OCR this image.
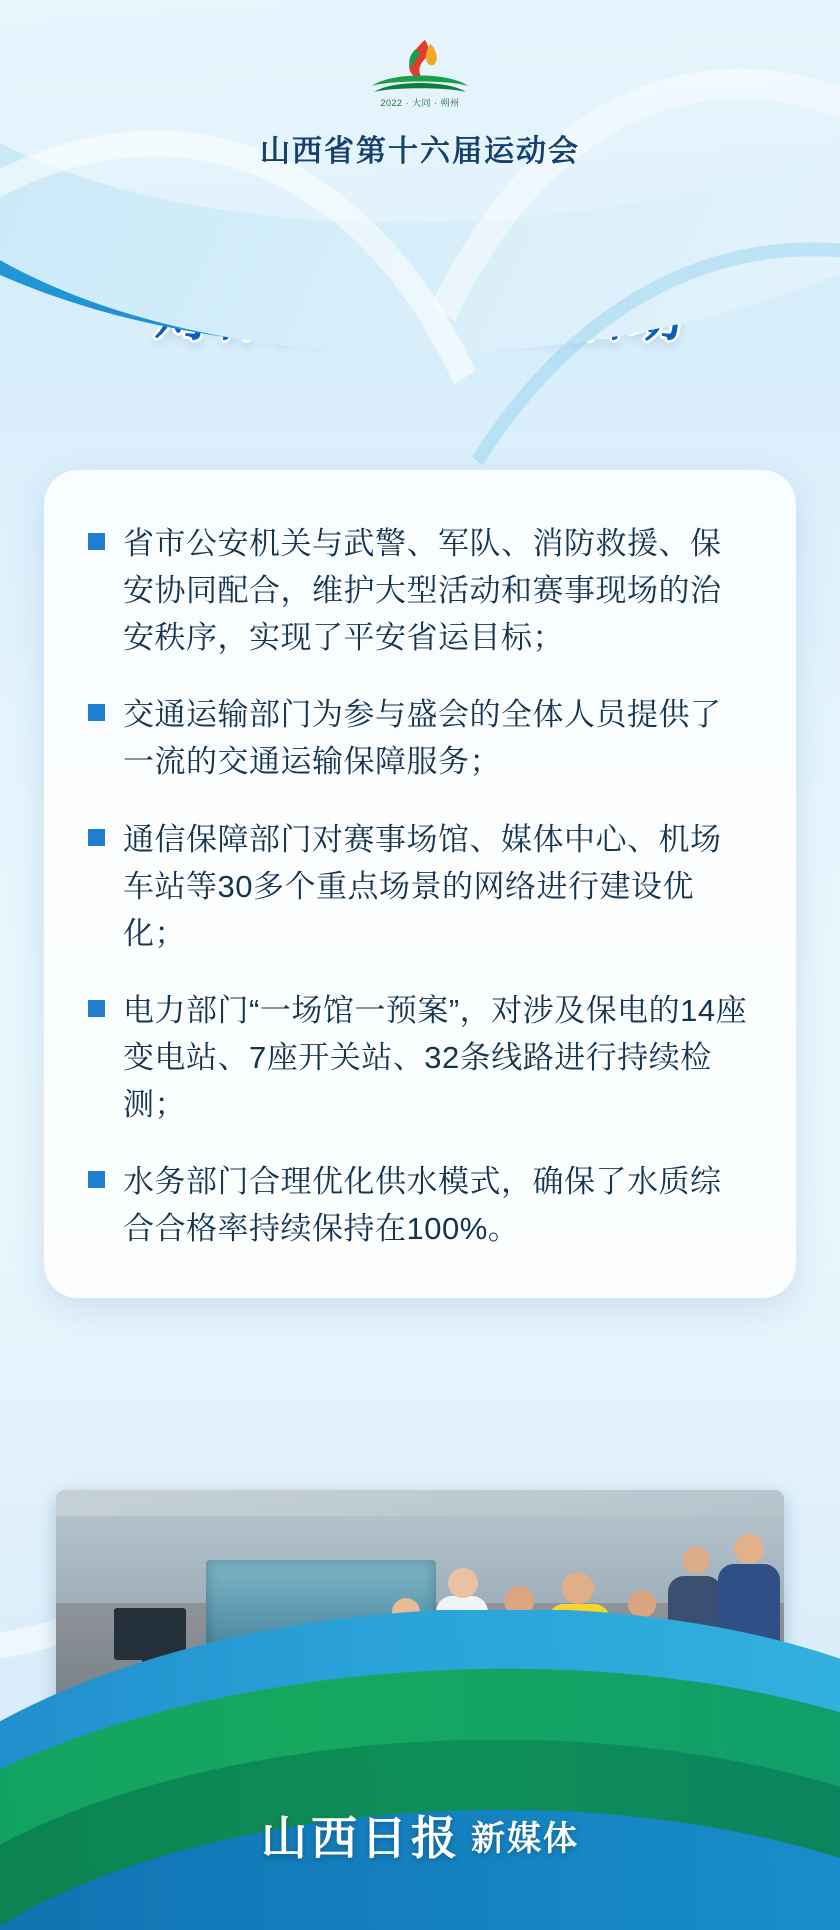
2022 · 大同 · 朔州
山西省第十六届运动会
省市公安机关与武警、军队、消防救援、保安协同配合，维护大型活动和赛事现场的治安秩序，实现了平安省运目标；
交通运输部门为参与盛会的全体人员提供了一流的交通运输保障服务；
通信保障部门对赛事场馆、媒体中心、机场车站等30多个重点场景的网络进行建设优化；
电力部门“一场馆一预案”，对涉及保电的14座变电站、7座开关站、32条线路进行持续检测；
水务部门合理优化供水模式，确保了水质综合合格率持续保持在100%。
山西日报 新媒体
